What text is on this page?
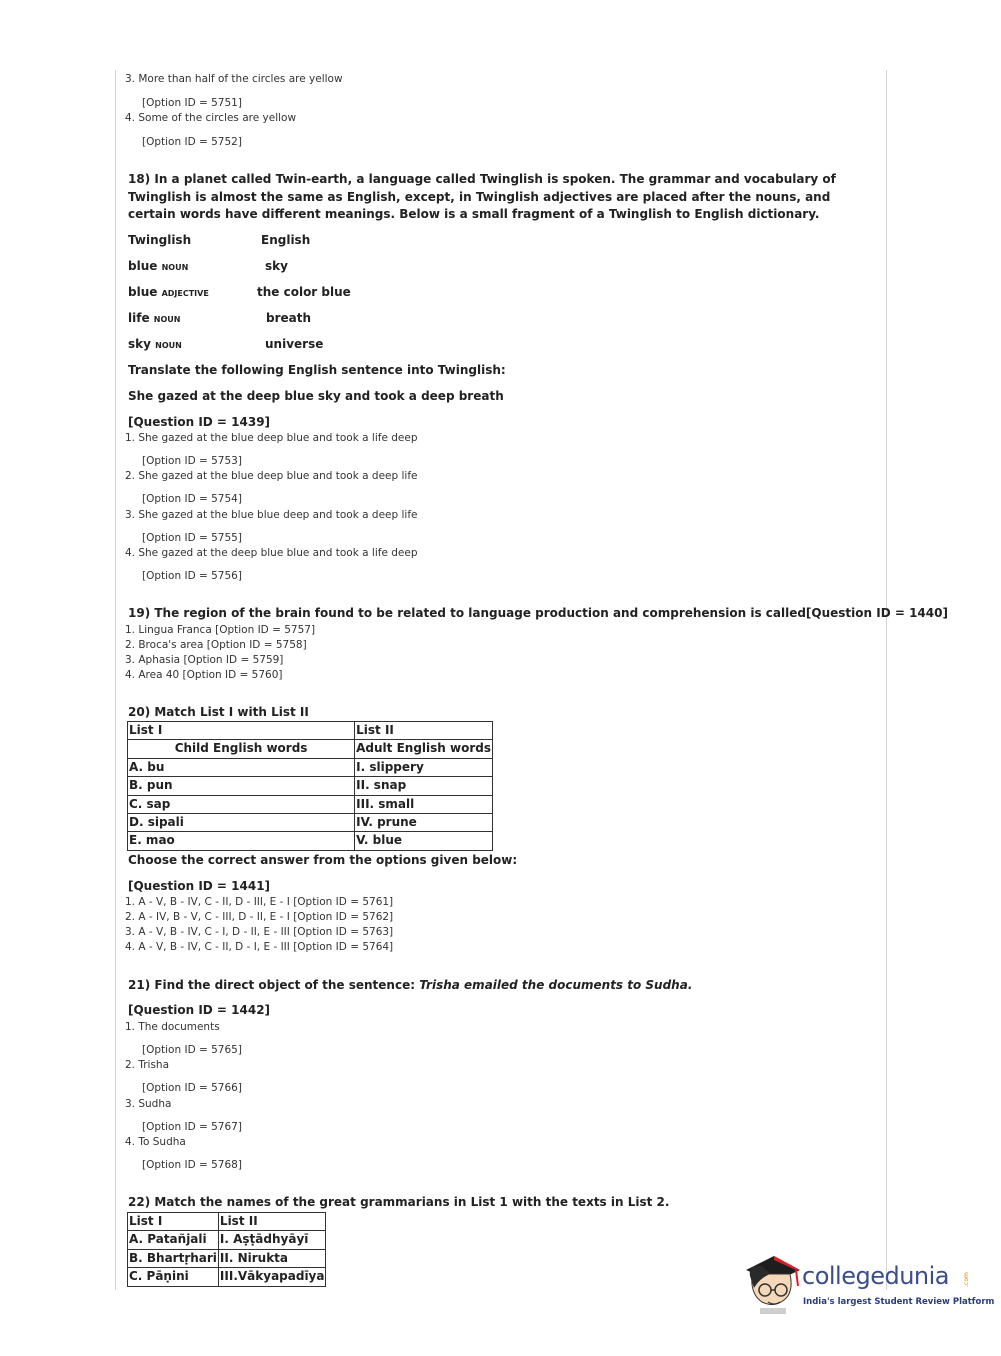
3. More than half of the circles are yellow
[Option ID = 5751]
4. Some of the circles are yellow
[Option ID = 5752]
18) In a planet called Twin-earth, a language called Twinglish is spoken. The grammar and vocabulary of Twinglish is almost the same as English, except, in Twinglish adjectives are placed after the nouns, and certain words have different meanings. Below is a small fragment of a Twinglish to English dictionary.
Twinglish	English
blue NOUN	sky
blue ADJECTIVE	the color blue
life NOUN	breath
sky NOUN	universe
Translate the following English sentence into Twinglish:
She gazed at the deep blue sky and took a deep breath
[Question ID = 1439]
1. She gazed at the blue deep blue and took a life deep
[Option ID = 5753]
2. She gazed at the blue deep blue and took a deep life
[Option ID = 5754]
3. She gazed at the blue blue deep and took a deep life
[Option ID = 5755]
4. She gazed at the deep blue blue and took a life deep
[Option ID = 5756]
19) The region of the brain found to be related to language production and comprehension is called[Question ID = 1440]
1. Lingua Franca [Option ID = 5757]
2. Broca's area [Option ID = 5758]
3. Aphasia [Option ID = 5759]
4. Area 40 [Option ID = 5760]
20) Match List I with List II
List I	List II
Child English words	Adult English words
A. bu	I. slippery
B. pun	II. snap
C. sap	III. small
D. sipali	IV. prune
E. mao	V. blue
Choose the correct answer from the options given below:
[Question ID = 1441]
1. A - V, B - IV, C - II, D - III, E - I [Option ID = 5761]
2. A - IV, B - V, C - III, D - II, E - I [Option ID = 5762]
3. A - V, B - IV, C - I, D - II, E - III [Option ID = 5763]
4. A - V, B - IV, C - II, D - I, E - III [Option ID = 5764]
21) Find the direct object of the sentence: Trisha emailed the documents to Sudha.
[Question ID = 1442]
1. The documents
[Option ID = 5765]
2. Trisha
[Option ID = 5766]
3. Sudha
[Option ID = 5767]
4. To Sudha
[Option ID = 5768]
22) Match the names of the great grammarians in List 1 with the texts in List 2.
List I	List II
A. Patañjali	I. Aṣṭādhyāyī
B. Bhartṛhari	II. Nirukta
C. Pāṇini	III.Vākyapadīya	collegedunia .com
India's largest Student Review Platform
